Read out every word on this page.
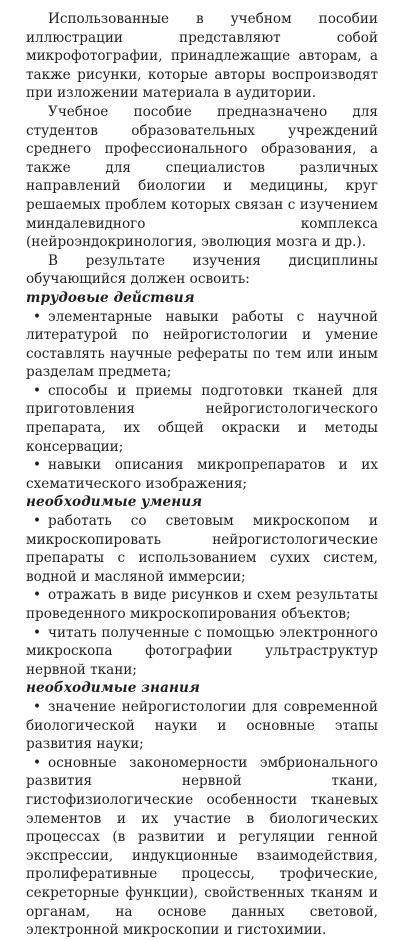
Использованные в учебном пособии иллюстрации представляют собой микрофотографии, принадлежащие авторам, а также рисунки, которые авторы воспроизводят при изложении материала в аудитории.

Учебное пособие предназначено для студентов образовательных учреждений среднего профессионального образования, а также для специалистов различных направлений биологии и медицины, круг решаемых проблем которых связан с изучением миндалевидного комплекса (нейроэндокринология, эволюция мозга и др.).

В результате изучения дисциплины обучающийся должен освоить:

трудовые действия

• элементарные навыки работы с научной литературой по нейрогистологии и умение составлять научные рефераты по тем или иным разделам предмета;

• способы и приемы подготовки тканей для приготовления нейрогистологического препарата, их общей окраски и методы консервации;

• навыки описания микропрепаратов и их схематического изображения;

необходимые умения

• работать со световым микроскопом и микроскопировать нейрогистологические препараты с использованием сухих систем, водной и масляной иммерсии;

• отражать в виде рисунков и схем результаты проведенного микроскопирования объектов;

• читать полученные с помощью электронного микроскопа фотографии ультраструктур нервной ткани;

необходимые знания

• значение нейрогистологии для современной биологической науки и основные этапы развития науки;

• основные закономерности эмбрионального развития нервной ткани, гистофизиологические особенности тканевых элементов и их участие в биологических процессах (в развитии и регуляции генной экспрессии, индукционные взаимодействия, пролиферативные процессы, трофические, секреторные функции), свойственных тканям и органам, на основе данных световой, электронной микроскопии и гистохимии.
